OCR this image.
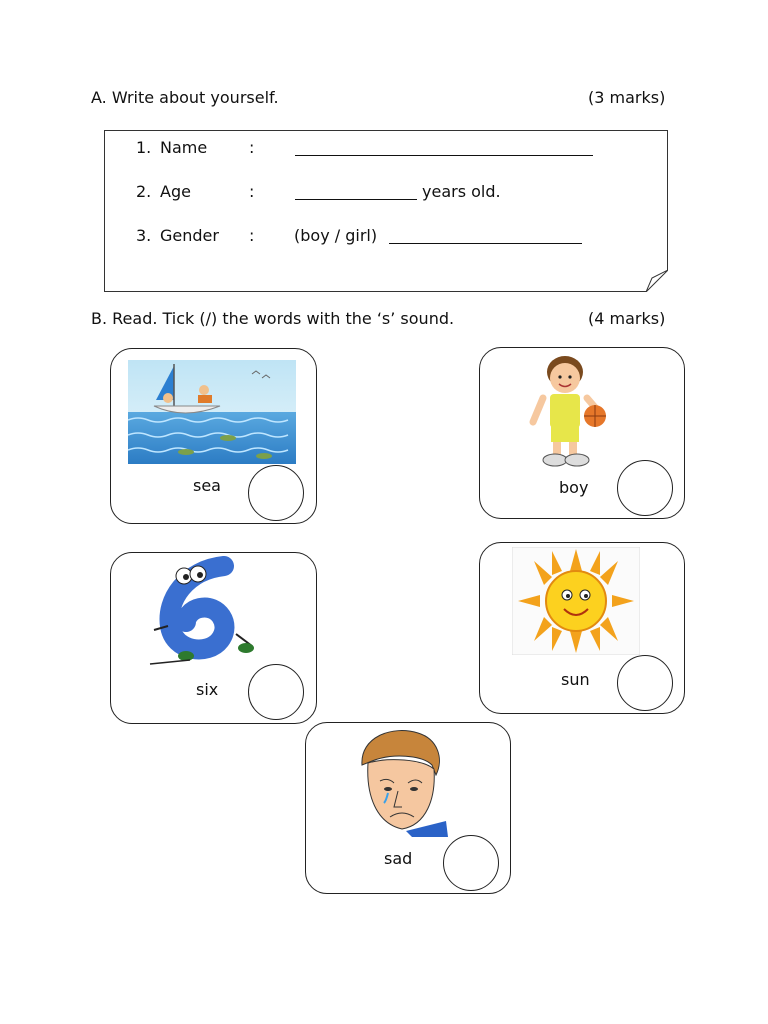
A. Write about yourself.	(3 marks)
1. Name	:
2. Age	:	years old.
3. Gender : (boy / girl)
B. Read. Tick (/) the words with the ‘s’ sound.	(4 marks)
sea	boy
six
sun
sad
